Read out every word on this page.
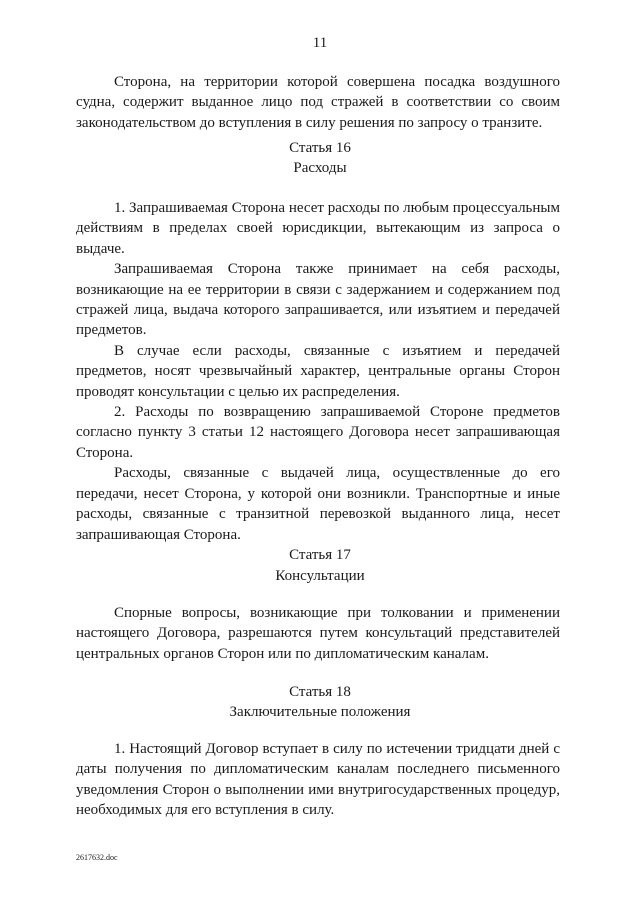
11

Сторона, на территории которой совершена посадка воздушного судна, содержит выданное лицо под стражей в соответствии со своим законодательством до вступления в силу решения по запросу о транзите.

Статья 16
Расходы

1. Запрашиваемая Сторона несет расходы по любым процессуальным действиям в пределах своей юрисдикции, вытекающим из запроса о выдаче.

Запрашиваемая Сторона также принимает на себя расходы, возникающие на ее территории в связи с задержанием и содержанием под стражей лица, выдача которого запрашивается, или изъятием и передачей предметов.

В случае если расходы, связанные с изъятием и передачей предметов, носят чрезвычайный характер, центральные органы Сторон проводят консультации с целью их распределения.

2. Расходы по возвращению запрашиваемой Стороне предметов согласно пункту 3 статьи 12 настоящего Договора несет запрашивающая Сторона.

Расходы, связанные с выдачей лица, осуществленные до его передачи, несет Сторона, у которой они возникли. Транспортные и иные расходы, связанные с транзитной перевозкой выданного лица, несет запрашивающая Сторона.

Статья 17
Консультации

Спорные вопросы, возникающие при толковании и применении настоящего Договора, разрешаются путем консультаций представителей центральных органов Сторон или по дипломатическим каналам.

Статья 18
Заключительные положения

1. Настоящий Договор вступает в силу по истечении тридцати дней с даты получения по дипломатическим каналам последнего письменного уведомления Сторон о выполнении ими внутригосударственных процедур, необходимых для его вступления в силу.

2617632.doc
